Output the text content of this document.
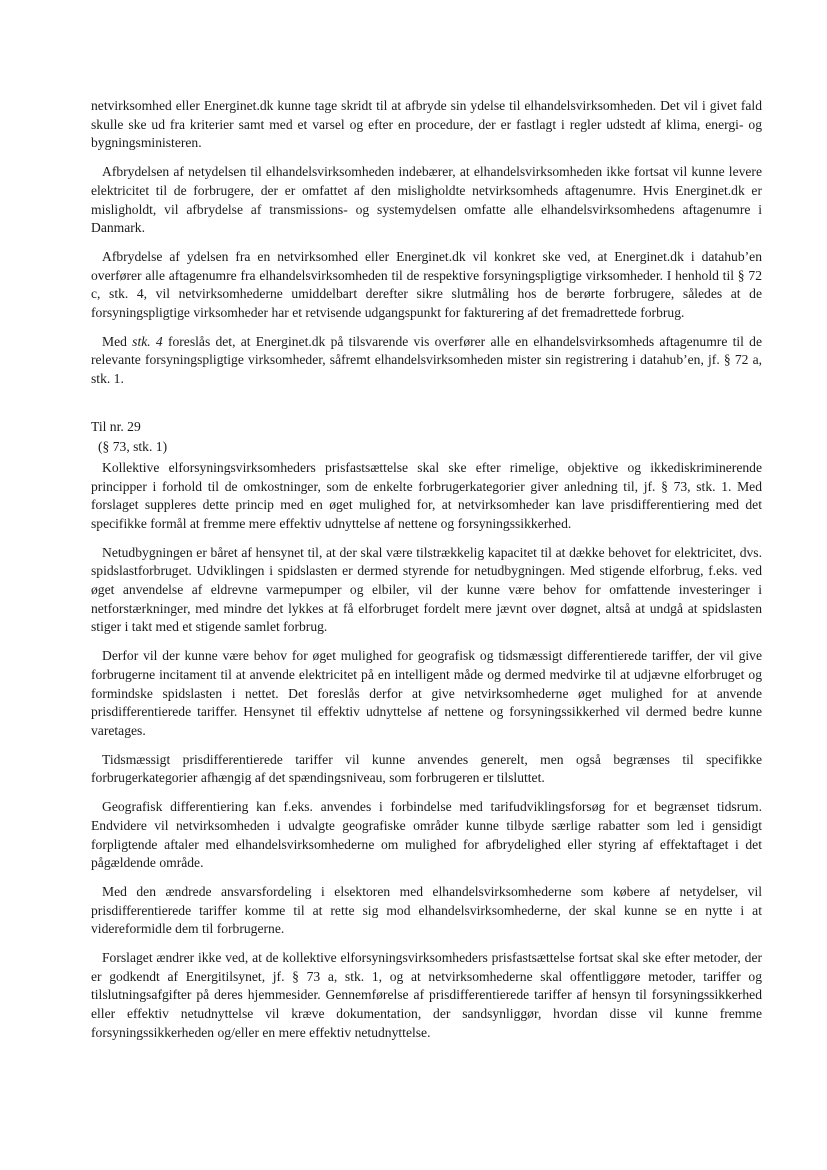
netvirksomhed eller Energinet.dk kunne tage skridt til at afbryde sin ydelse til elhandelsvirksomheden. Det vil i givet fald skulle ske ud fra kriterier samt med et varsel og efter en procedure, der er fastlagt i regler udstedt af klima, energi- og bygningsministeren.

Afbrydelsen af netydelsen til elhandelsvirksomheden indebærer, at elhandelsvirksomheden ikke fortsat vil kunne levere elektricitet til de forbrugere, der er omfattet af den misligholdte netvirksomheds aftagenumre. Hvis Energinet.dk er misligholdt, vil afbrydelse af transmissions- og systemydelsen omfatte alle elhandelsvirksomhedens aftagenumre i Danmark.

Afbrydelse af ydelsen fra en netvirksomhed eller Energinet.dk vil konkret ske ved, at Energinet.dk i datahub’en overfører alle aftagenumre fra elhandelsvirksomheden til de respektive forsyningspligtige virksomheder. I henhold til § 72 c, stk. 4, vil netvirksomhederne umiddelbart derefter sikre slutmåling hos de berørte forbrugere, således at de forsyningspligtige virksomheder har et retvisende udgangspunkt for fakturering af det fremadrettede forbrug.

Med stk. 4 foreslås det, at Energinet.dk på tilsvarende vis overfører alle en elhandelsvirksomheds aftagenumre til de relevante forsyningspligtige virksomheder, såfremt elhandelsvirksomheden mister sin registrering i datahub’en, jf. § 72 a, stk. 1.

Til nr. 29

(§ 73, stk. 1)

Kollektive elforsyningsvirksomheders prisfastsættelse skal ske efter rimelige, objektive og ikkediskriminerende principper i forhold til de omkostninger, som de enkelte forbrugerkategorier giver anledning til, jf. § 73, stk. 1. Med forslaget suppleres dette princip med en øget mulighed for, at netvirksomheder kan lave prisdifferentiering med det specifikke formål at fremme mere effektiv udnyttelse af nettene og forsyningssikkerhed.

Netudbygningen er båret af hensynet til, at der skal være tilstrækkelig kapacitet til at dække behovet for elektricitet, dvs. spidslastforbruget. Udviklingen i spidslasten er dermed styrende for netudbygningen. Med stigende elforbrug, f.eks. ved øget anvendelse af eldrevne varmepumper og elbiler, vil der kunne være behov for omfattende investeringer i netforstærkninger, med mindre det lykkes at få elforbruget fordelt mere jævnt over døgnet, altså at undgå at spidslasten stiger i takt med et stigende samlet forbrug.

Derfor vil der kunne være behov for øget mulighed for geografisk og tidsmæssigt differentierede tariffer, der vil give forbrugerne incitament til at anvende elektricitet på en intelligent måde og dermed medvirke til at udjævne elforbruget og formindske spidslasten i nettet. Det foreslås derfor at give netvirksomhederne øget mulighed for at anvende prisdifferentierede tariffer. Hensynet til effektiv udnyttelse af nettene og forsyningssikkerhed vil dermed bedre kunne varetages.

Tidsmæssigt prisdifferentierede tariffer vil kunne anvendes generelt, men også begrænses til specifikke forbrugerkategorier afhængig af det spændingsniveau, som forbrugeren er tilsluttet.

Geografisk differentiering kan f.eks. anvendes i forbindelse med tarifudviklingsforsøg for et begrænset tidsrum. Endvidere vil netvirksomheden i udvalgte geografiske områder kunne tilbyde særlige rabatter som led i gensidigt forpligtende aftaler med elhandelsvirksomhederne om mulighed for afbrydelighed eller styring af effektaftaget i det pågældende område.

Med den ændrede ansvarsfordeling i elsektoren med elhandelsvirksomhederne som købere af netydelser, vil prisdifferentierede tariffer komme til at rette sig mod elhandelsvirksomhederne, der skal kunne se en nytte i at videreformidle dem til forbrugerne.

Forslaget ændrer ikke ved, at de kollektive elforsyningsvirksomheders prisfastsættelse fortsat skal ske efter metoder, der er godkendt af Energitilsynet, jf. § 73 a, stk. 1, og at netvirksomhederne skal offentliggøre metoder, tariffer og tilslutningsafgifter på deres hjemmesider. Gennemførelse af prisdifferentierede tariffer af hensyn til forsyningssikkerhed eller effektiv netudnyttelse vil kræve dokumentation, der sandsynliggør, hvordan disse vil kunne fremme forsyningssikkerheden og/eller en mere effektiv netudnyttelse.
